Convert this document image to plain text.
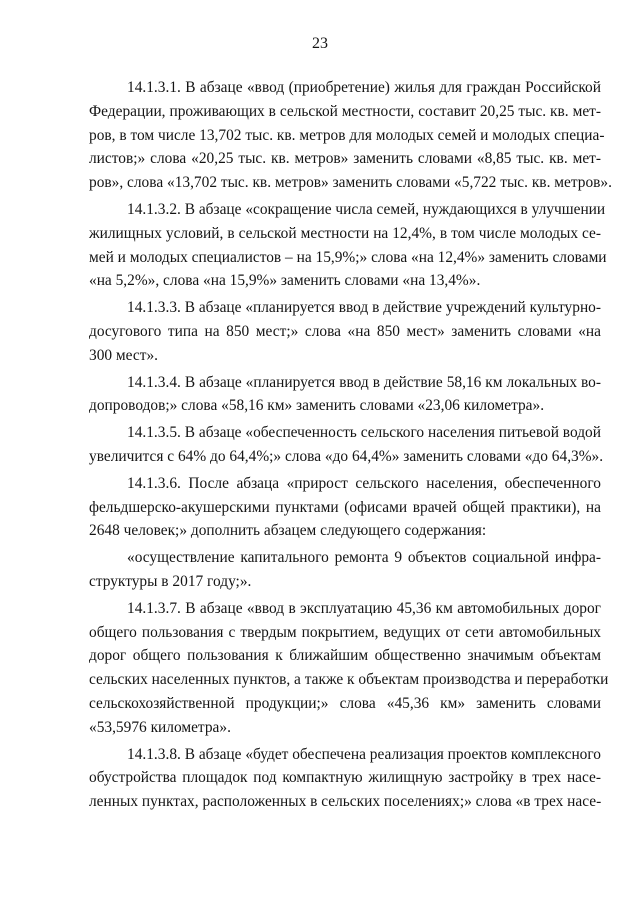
23

14.1.3.1. В абзаце «ввод (приобретение) жилья для граждан Российской
Федерации, проживающих в сельской местности, составит 20,25 тыс. кв. мет-
ров, в том числе 13,702 тыс. кв. метров для молодых семей и молодых специа-
листов;» слова «20,25 тыс. кв. метров» заменить словами «8,85 тыс. кв. мет-
ров», слова «13,702 тыс. кв. метров» заменить словами «5,722 тыс. кв. метров».

14.1.3.2. В абзаце «сокращение числа семей, нуждающихся в улучшении
жилищных условий, в сельской местности на 12,4%, в том числе молодых се-
мей и молодых специалистов – на 15,9%;» слова «на 12,4%» заменить словами
«на 5,2%», слова «на 15,9%» заменить словами «на 13,4%».

14.1.3.3. В абзаце «планируется ввод в действие учреждений культурно-
досугового типа на 850 мест;» слова «на 850 мест» заменить словами «на
300 мест».

14.1.3.4. В абзаце «планируется ввод в действие 58,16 км локальных во-
допроводов;» слова «58,16 км» заменить словами «23,06 километра».

14.1.3.5. В абзаце «обеспеченность сельского населения питьевой водой
увеличится с 64% до 64,4%;» слова «до 64,4%» заменить словами «до 64,3%».

14.1.3.6. После абзаца «прирост сельского населения, обеспеченного
фельдшерско-акушерскими пунктами (офисами врачей общей практики), на
2648 человек;» дополнить абзацем следующего содержания:

«осуществление капитального ремонта 9 объектов социальной инфра-
структуры в 2017 году;».

14.1.3.7. В абзаце «ввод в эксплуатацию 45,36 км автомобильных дорог
общего пользования с твердым покрытием, ведущих от сети автомобильных
дорог общего пользования к ближайшим общественно значимым объектам
сельских населенных пунктов, а также к объектам производства и переработки
сельскохозяйственной продукции;» слова «45,36 км» заменить словами
«53,5976 километра».

14.1.3.8. В абзаце «будет обеспечена реализация проектов комплексного
обустройства площадок под компактную жилищную застройку в трех насе-
ленных пунктах, расположенных в сельских поселениях;» слова «в трех насе-
